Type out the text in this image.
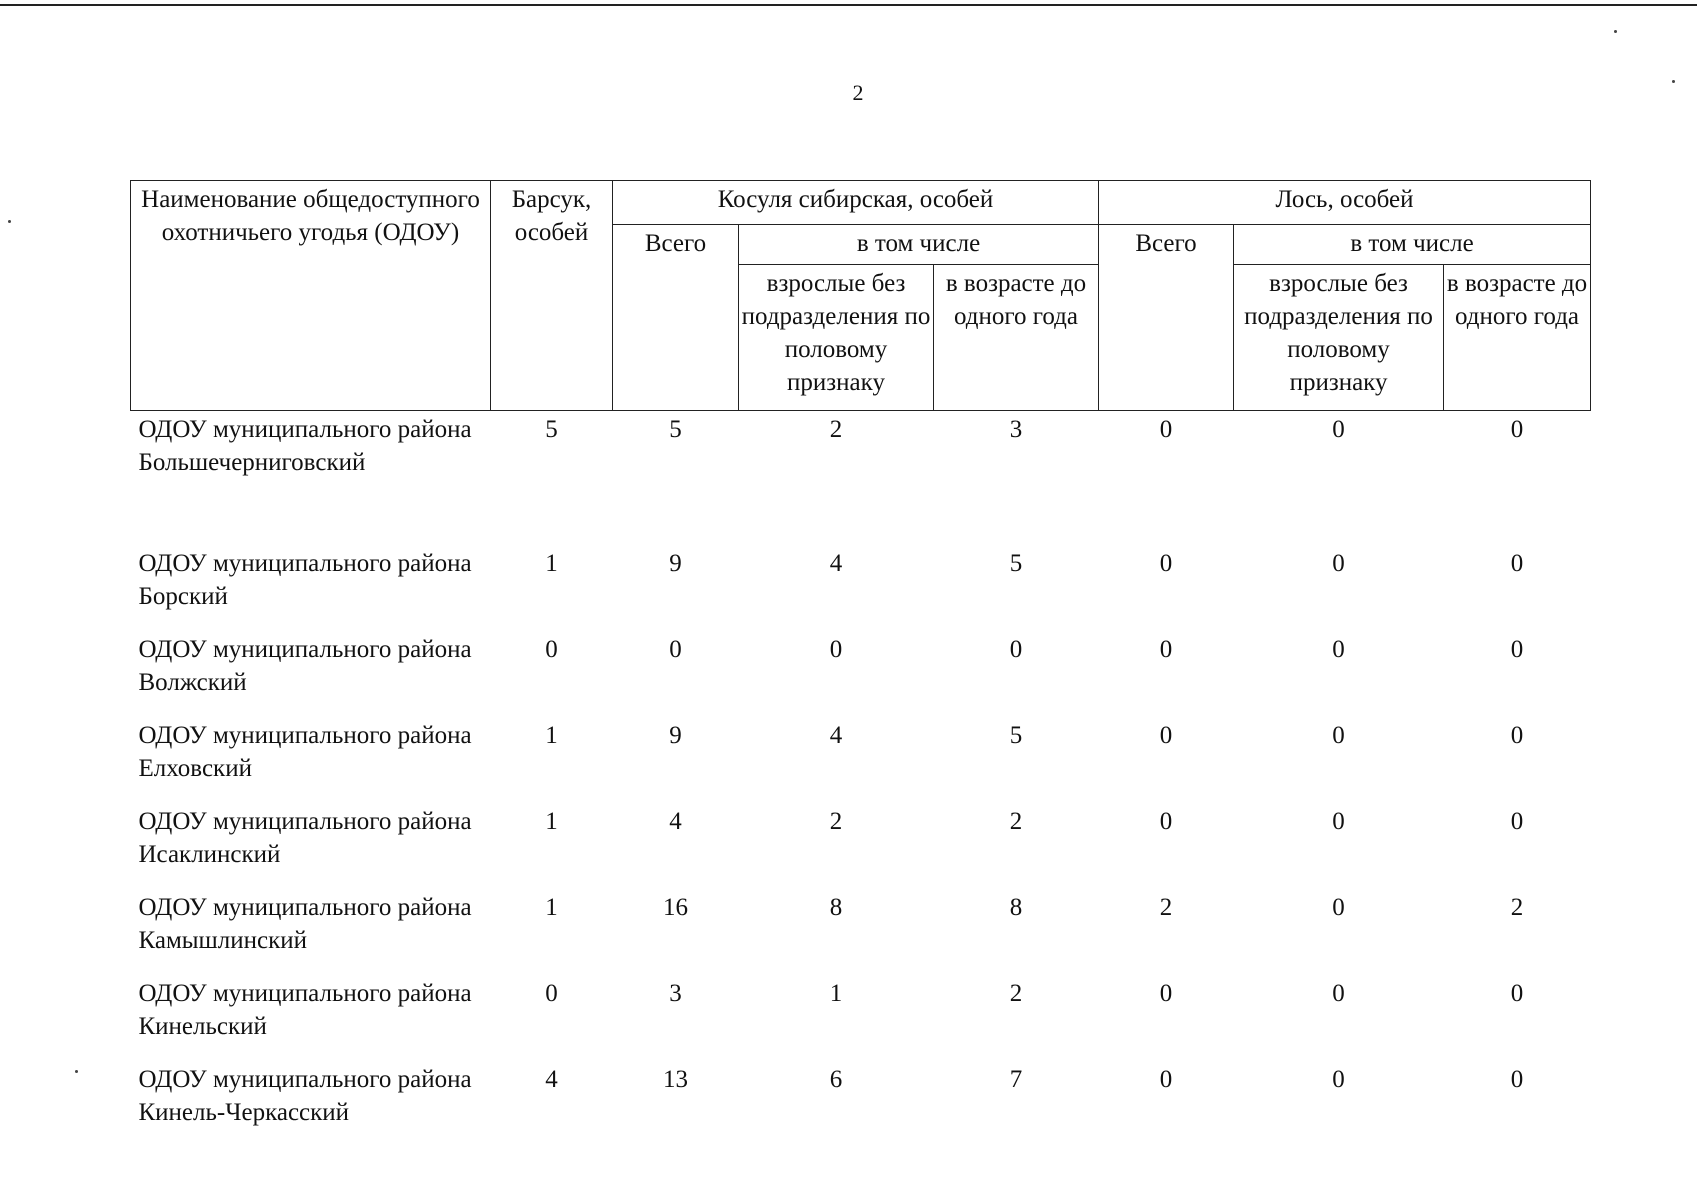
2
Наименование общедоступного охотничьего угодья (ОДОУ)	Барсук, особей	Косуля сибирская, особей			Лось, особей		
		Всего	в том числе		Всего	в том числе	
			взрослые без подразделения по половому признаку	в возрасте до одного года		взрослые без подразделения по половому признаку	в возрасте до одного года
ОДОУ муниципального района Большечерниговский	5	5	2	3	0	0	0
ОДОУ муниципального района Борский	1	9	4	5	0	0	0
ОДОУ муниципального района Волжский	0	0	0	0	0	0	0
ОДОУ муниципального района Елховский	1	9	4	5	0	0	0
ОДОУ муниципального района Исаклинский	1	4	2	2	0	0	0
ОДОУ муниципального района Камышлинский	1	16	8	8	2	0	2
ОДОУ муниципального района Кинельский	0	3	1	2	0	0	0
ОДОУ муниципального района Кинель-Черкасский	4	13	6	7	0	0	0
